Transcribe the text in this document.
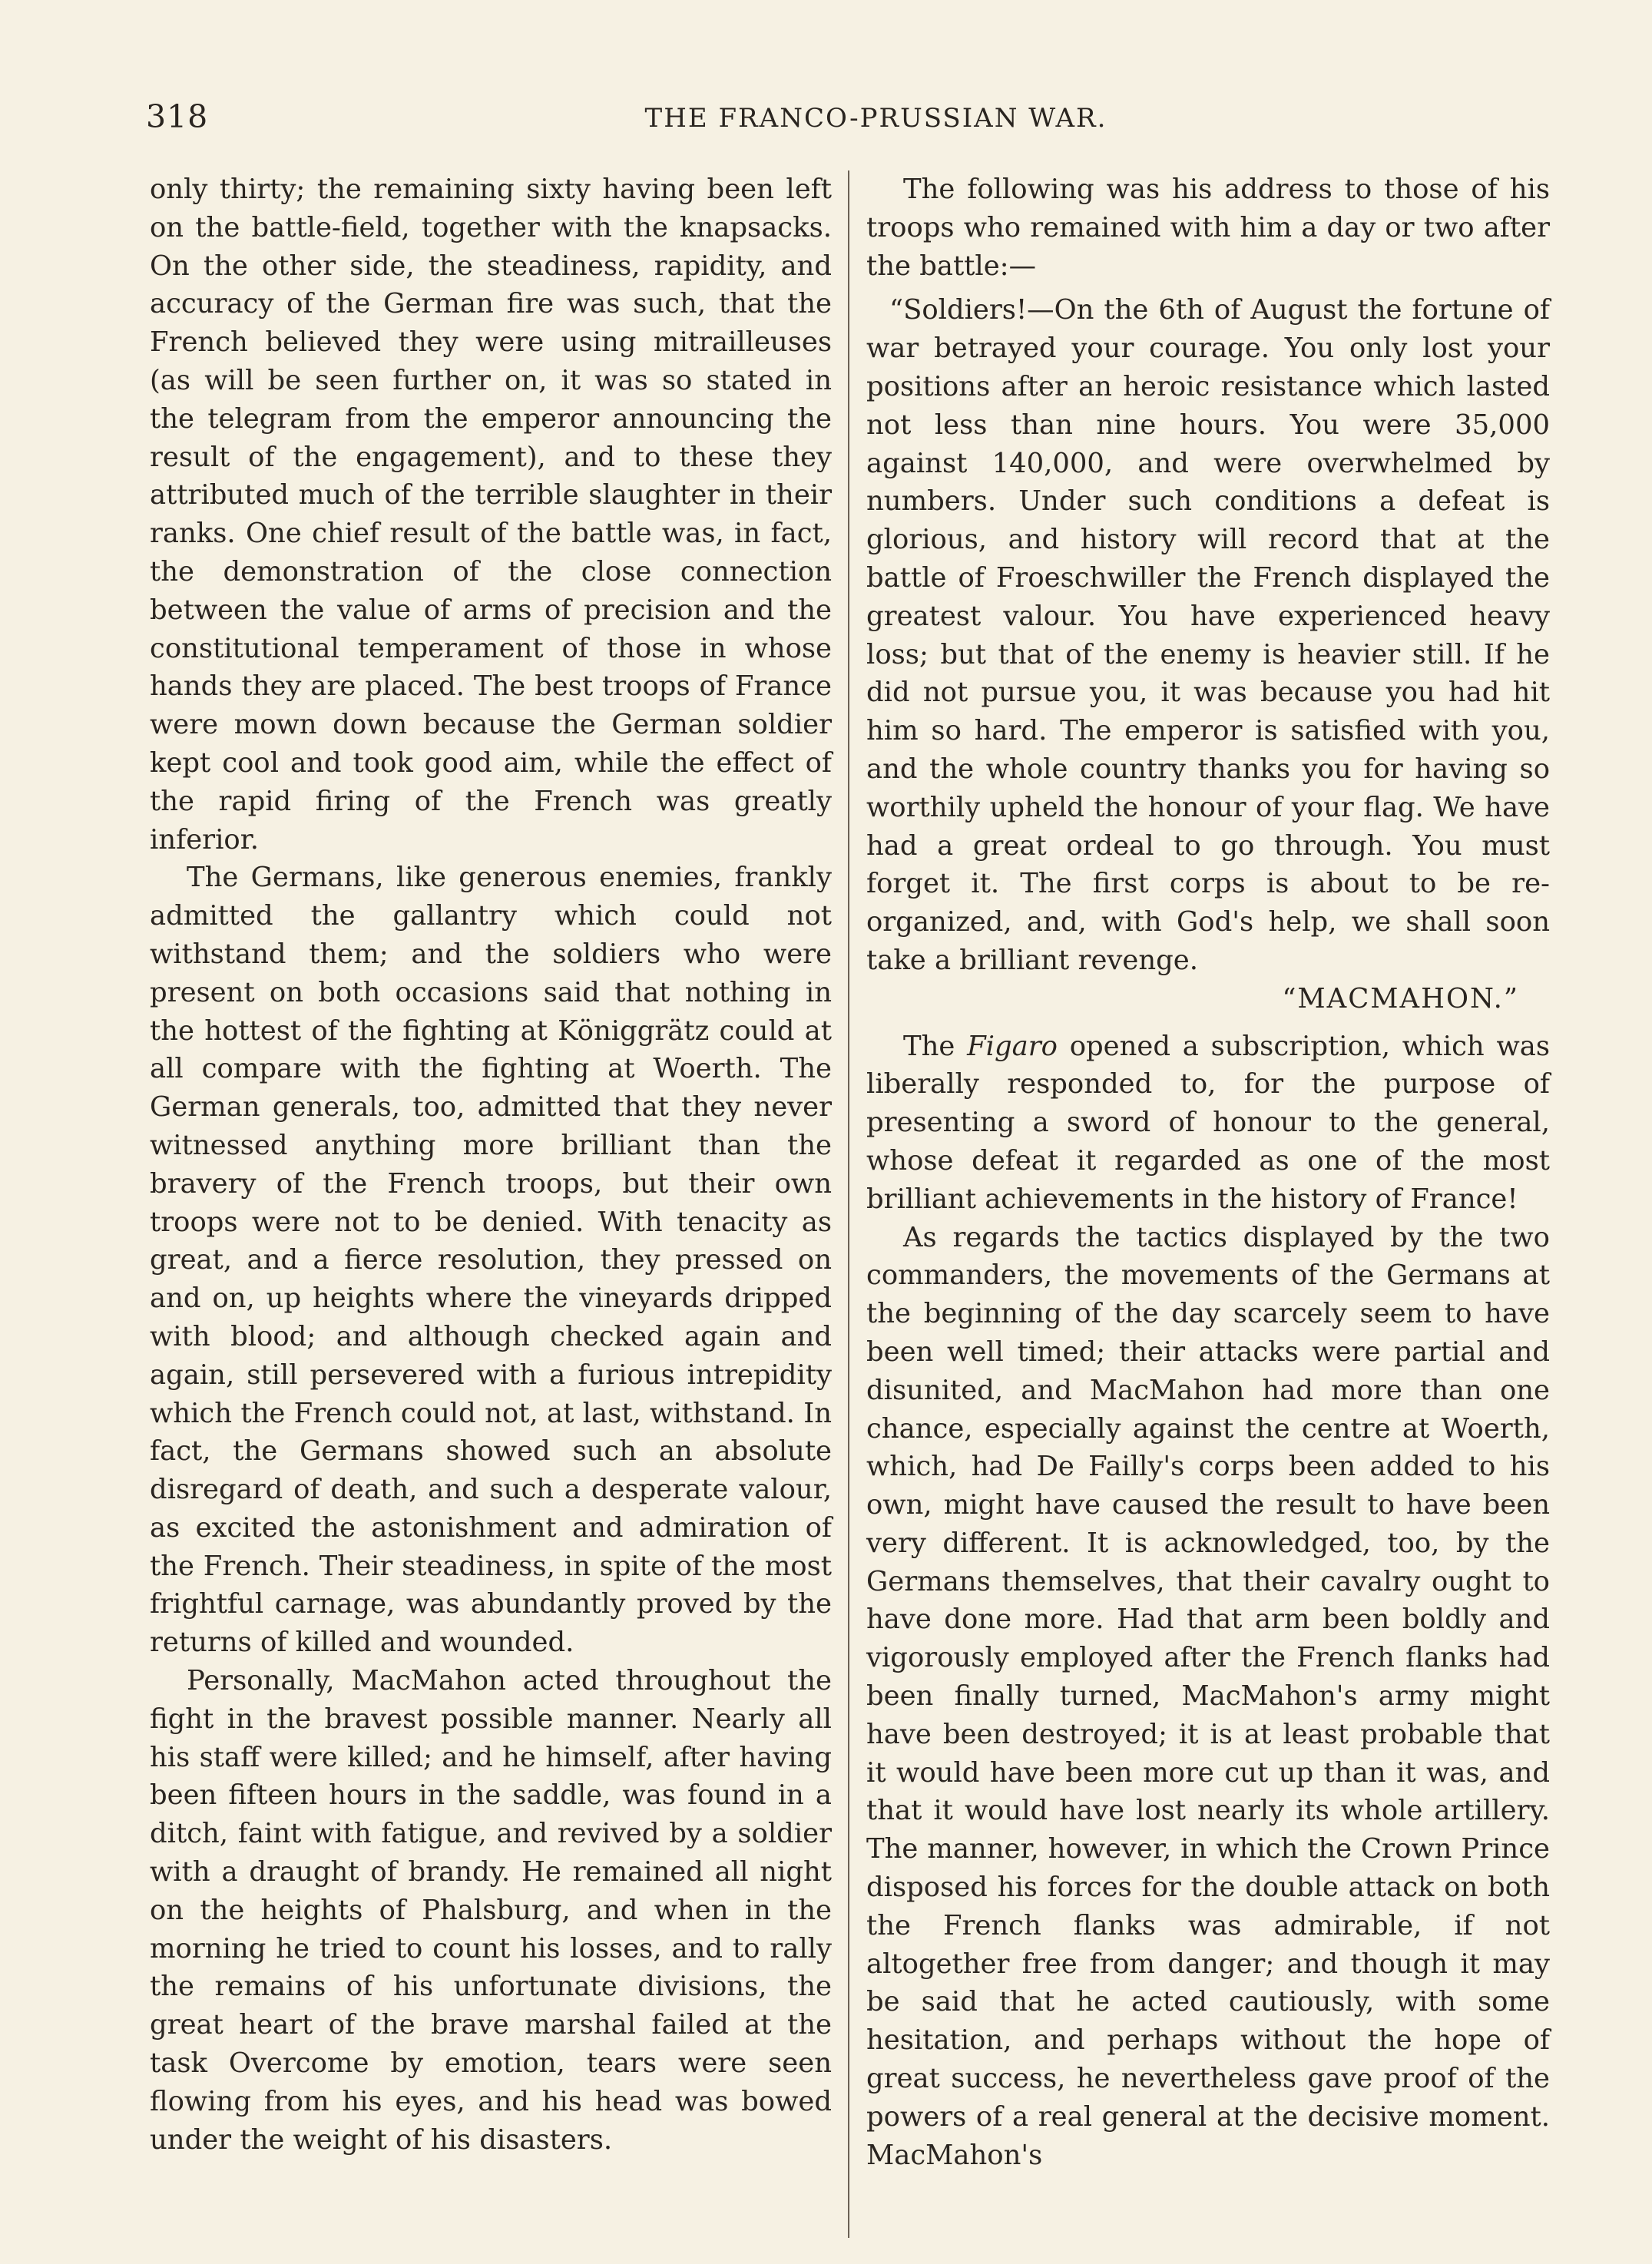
318	THE FRANCO-PRUSSIAN WAR.

only thirty; the remaining sixty having been left on the battle-field, together with the knapsacks. On the other side, the steadiness, rapidity, and accuracy of the German fire was such, that the French believed they were using mitrailleuses (as will be seen further on, it was so stated in the telegram from the emperor announcing the result of the engagement), and to these they attributed much of the terrible slaughter in their ranks. One chief result of the battle was, in fact, the demonstration of the close connection between the value of arms of precision and the constitutional temperament of those in whose hands they are placed. The best troops of France were mown down because the German soldier kept cool and took good aim, while the effect of the rapid firing of the French was greatly inferior.

The Germans, like generous enemies, frankly admitted the gallantry which could not withstand them; and the soldiers who were present on both occasions said that nothing in the hottest of the fighting at Königgrätz could at all compare with the fighting at Woerth. The German generals, too, admitted that they never witnessed anything more brilliant than the bravery of the French troops, but their own troops were not to be denied. With tenacity as great, and a fierce resolution, they pressed on and on, up heights where the vineyards dripped with blood; and although checked again and again, still persevered with a furious intrepidity which the French could not, at last, withstand. In fact, the Germans showed such an absolute disregard of death, and such a desperate valour, as excited the astonishment and admiration of the French. Their steadiness, in spite of the most frightful carnage, was abundantly proved by the returns of killed and wounded.

Personally, MacMahon acted throughout the fight in the bravest possible manner. Nearly all his staff were killed; and he himself, after having been fifteen hours in the saddle, was found in a ditch, faint with fatigue, and revived by a soldier with a draught of brandy. He remained all night on the heights of Phalsburg, and when in the morning he tried to count his losses, and to rally the remains of his unfortunate divisions, the great heart of the brave marshal failed at the task Overcome by emotion, tears were seen flowing from his eyes, and his head was bowed under the weight of his disasters.

The following was his address to those of his troops who remained with him a day or two after the battle:—

“Soldiers!—On the 6th of August the fortune of war betrayed your courage. You only lost your positions after an heroic resistance which lasted not less than nine hours. You were 35,000 against 140,000, and were overwhelmed by numbers. Under such conditions a defeat is glorious, and history will record that at the battle of Froeschwiller the French displayed the greatest valour. You have experienced heavy loss; but that of the enemy is heavier still. If he did not pursue you, it was because you had hit him so hard. The emperor is satisfied with you, and the whole country thanks you for having so worthily upheld the honour of your flag. We have had a great ordeal to go through. You must forget it. The first corps is about to be re-organized, and, with God's help, we shall soon take a brilliant revenge.

“MACMAHON.”

The Figaro opened a subscription, which was liberally responded to, for the purpose of presenting a sword of honour to the general, whose defeat it regarded as one of the most brilliant achievements in the history of France!

As regards the tactics displayed by the two commanders, the movements of the Germans at the beginning of the day scarcely seem to have been well timed; their attacks were partial and disunited, and MacMahon had more than one chance, especially against the centre at Woerth, which, had De Failly's corps been added to his own, might have caused the result to have been very different. It is acknowledged, too, by the Germans themselves, that their cavalry ought to have done more. Had that arm been boldly and vigorously employed after the French flanks had been finally turned, MacMahon's army might have been destroyed; it is at least probable that it would have been more cut up than it was, and that it would have lost nearly its whole artillery. The manner, however, in which the Crown Prince disposed his forces for the double attack on both the French flanks was admirable, if not altogether free from danger; and though it may be said that he acted cautiously, with some hesitation, and perhaps without the hope of great success, he nevertheless gave proof of the powers of a real general at the decisive moment. MacMahon's
